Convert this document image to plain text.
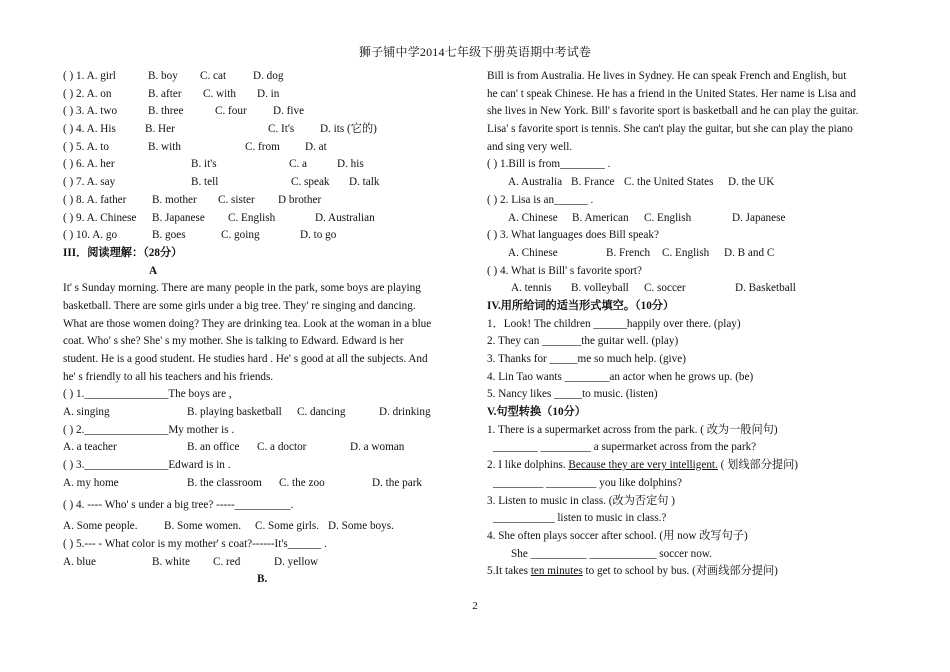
狮子铺中学2014七年级下册英语期中考试卷
( ) 1. A. girl	B. boy C. cat D. dog
( ) 2. A. on	B. after C. with D. in
( ) 3. A. two	B. three	C. four D. five
( ) 4. A. His	B. Her	C. It's D. its (它的)
( ) 5. A. to	B. with	C. from D. at
( ) 6. A. her	B. it's	C. a	D. his
( ) 7. A. say	B. tell	C. speak D. talk
( ) 8. A. father B. mother C. sister D brother
( ) 9. A. Chinese B. Japanese C. English	D. Australian
( ) 10. A. go	B. goes	C. going	D. to go
III．阅读理解：（28分）
A
It' s Sunday morning. There are many people in the park, some boys are playing
basketball. There are some girls under a big tree. They' re singing and dancing.
What are those women doing? They are drinking tea. Look at the woman in a blue
coat. Who' s she? She' s my mother. She is talking to Edward. Edward is her
student. He is a good student. He studies hard . He' s good at all the subjects. And
he' s friendly to all his teachers and his friends.
( ) 1._______________The boys are ,
A. singing	B. playing basketball C. dancing	D. drinking
( ) 2._______________My mother is .
A. a teacher	B. an office C. a doctor	D. a woman
( ) 3._______________Edward is in .
A. my home	B. the classroom C. the zoo	D. the park
( ) 4. ---- Who' s under a big tree? -----__________.
A. Some people. B. Some women. C. Some girls. D. Some boys.
( ) 5.--- - What color is my mother' s coat?------It's______ .
A. blue	B. white C. red	D. yellow
B.
Bill is from Australia. He lives in Sydney. He can speak French and English, but
he can' t speak Chinese. He has a friend in the United States. Her name is Lisa and
she lives in New York. Bill' s favorite sport is basketball and he can play the guitar.
Lisa' s favorite sport is tennis. She can't play the guitar, but she can play the piano
and sing very well.
( ) 1.Bill is from________ .
A. Australia B. France C. the United States D. the UK
( ) 2. Lisa is an______ .
A. Chinese B. American C. English	D. Japanese
( ) 3. What languages does Bill speak?
A. Chinese	B. French C. English D. B and C
( ) 4. What is Bill' s favorite sport?
A. tennis B. volleyball C. soccer	D. Basketball
IV.用所给词的适当形式填空。（10分）
1．Look! The children ______happily over there. (play)
2. They can _______the guitar well. (play)
3. Thanks for _____me so much help. (give)
4. Lin Tao wants ________an actor when he grows up. (be)
5. Nancy likes _____to music. (listen)
V.句型转换（10分）
1. There is a supermarket across from the park. ( 改为一般问句)
________ _________ a supermarket across from the park?
2. I like dolphins. Because they are very intelligent. ( 划线部分提问)
_________ _________ you like dolphins?
3. Listen to music in class. (改为否定句 )
___________ listen to music in class.?
4. She often plays soccer after school. (用 now 改写句子)
She __________ ____________ soccer now.
5.It takes ten minutes to get to school by bus. (对画线部分提问)
2
